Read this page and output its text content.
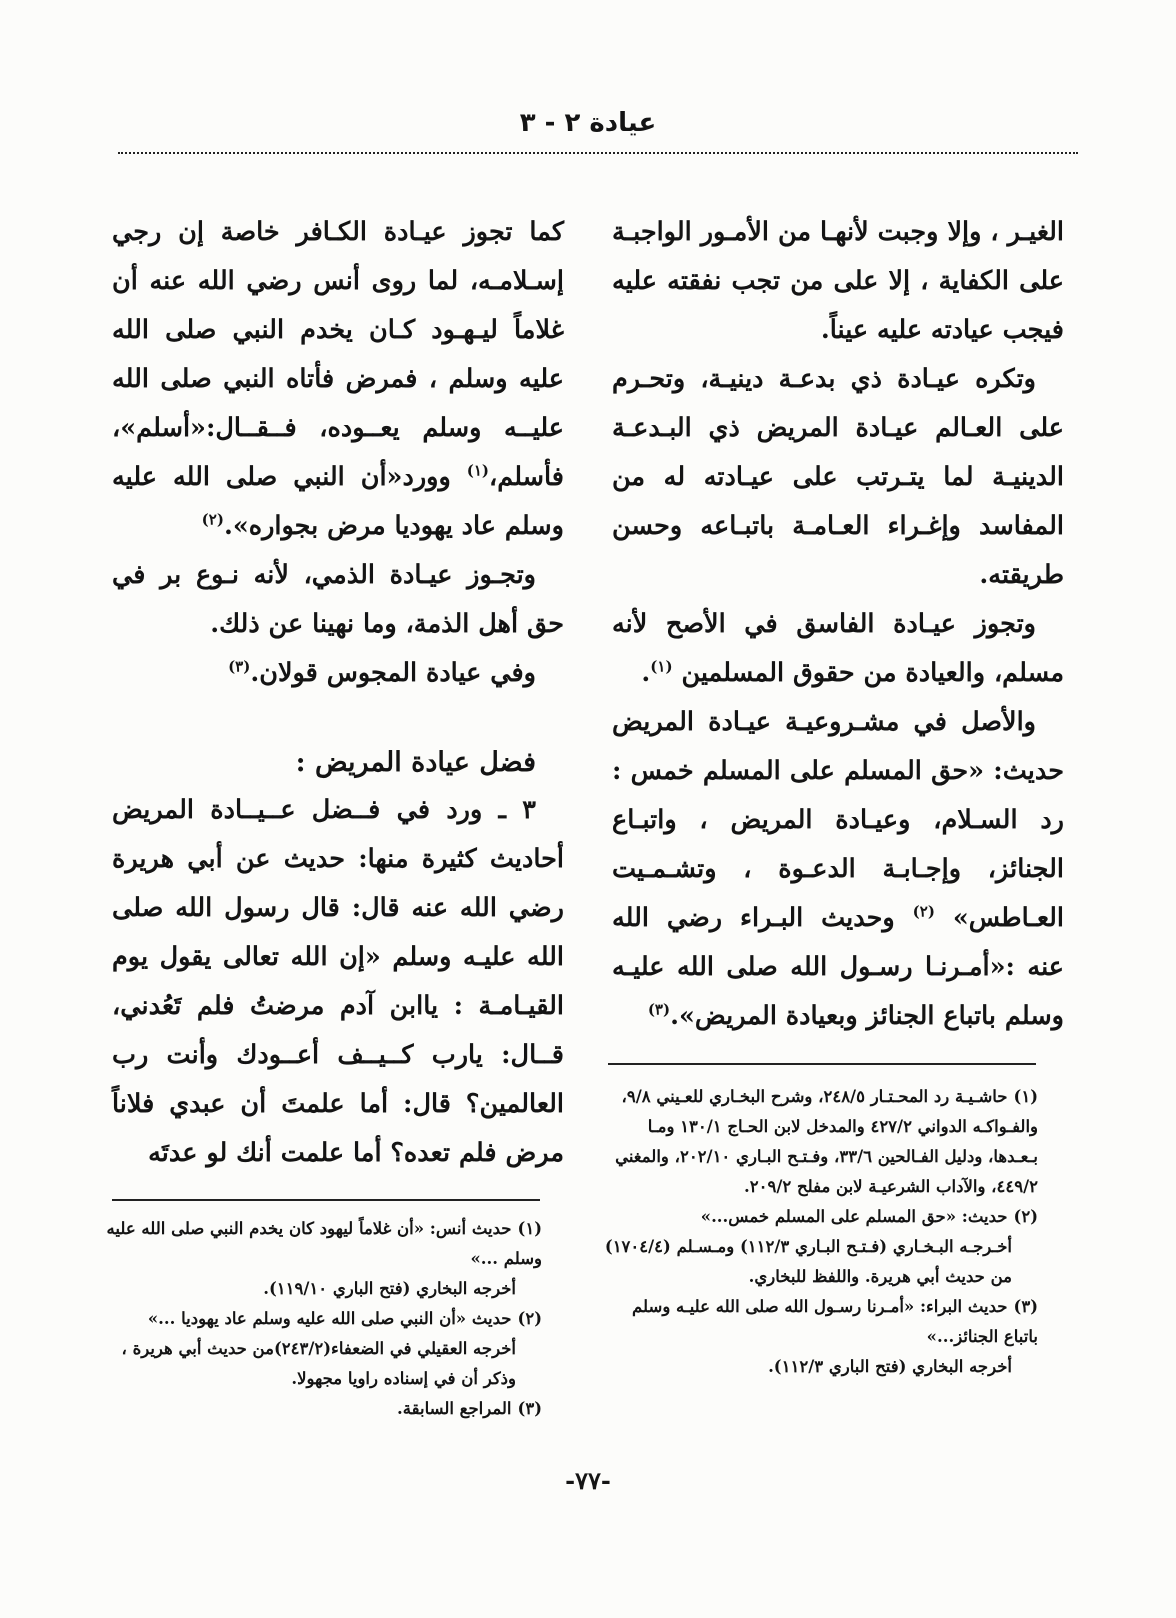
عيادة ٢ - ٣

الغيـر ، وإلا وجبت لأنهـا من الأمـور الواجبـة على الكفاية ، إلا على من تجب نفقته عليه فيجب عيادته عليه عيناً.

وتكره عيـادة ذي بدعـة دينيـة، وتحـرم على العـالم عيـادة المريض ذي البـدعـة الدينيـة لما يتـرتب على عيـادته له من المفاسد وإغـراء العـامـة باتبـاعه وحسن طريقته.

وتجوز عيـادة الفاسق في الأصح لأنه مسلم، والعيادة من حقوق المسلمين $^{(١)}$.

والأصل في مشـروعيـة عيـادة المريض حديث: «حق المسلم على المسلم خمس : رد السـلام، وعيـادة المريض ، واتبـاع الجنائز، وإجـابـة الدعـوة ، وتشـمـيت العـاطس» $^{(٢)}$ وحديث البـراء رضي الله عنه :«أمـرنـا رسـول الله صلى الله عليـه وسلم باتباع الجنائز وبعيادة المريض».$^{(٣)}$

كما تجوز عيـادة الكـافر خاصة إن رجي إسـلامـه، لما روى أنس رضي الله عنه أن غلاماً ليـهـود كـان يخدم النبي صلى الله عليه وسلم ، فمرض فأتاه النبي صلى الله عليــه وسلم يعــوده، فــقــال:«أسلم»، فأسلم،$^{(١)}$ وورد«أن النبي صلى الله عليه وسلم عاد يهوديا مرض بجواره».$^{(٢)}$

وتجـوز عيـادة الذمي، لأنه نـوع بر في حق أهل الذمة، وما نهينا عن ذلك.

وفي عيادة المجوس قولان.$^{(٣)}$

فضل عيادة المريض :

٣ ـ ورد في فــضل عــيــادة المريض أحاديث كثيرة منها: حديث عن أبي هريرة رضي الله عنه قال: قال رسول الله صلى الله عليـه وسلم «إن الله تعالى يقول يوم القيـامـة : ياابن آدم مرضتُ فلم تَعُدني، قــال: يارب كــيــف أعــودك وأنت رب العالمين؟ قال: أما علمتَ أن عبدي فلاناً مرض فلم تعده؟ أما علمت أنك لو عدتَه

(١)حاشـيـة رد المحـتـار ٢٤٨/٥، وشرح البخـاري للعـيني ٩/٨، والفـواكـه الدواني ٤٢٧/٢ والمدخل لابن الحـاج ١٣٠/١ ومـا بـعـدها، ودليل الفـالحين ٣٣/٦، وفـتـح البـاري ٢٠٢/١٠، والمغني ٤٤٩/٢، والآداب الشرعيـة لابن مفلح ٢٠٩/٢.

(٢)حديث: «حق المسلم على المسلم خمس...»

أخـرجـه البـخـاري (فـتـح البـاري ١١٢/٣) ومـسـلم (١٧٠٤/٤) من حديث أبي هريرة. واللفظ للبخاري.

(٣)حديث البراء: «أمـرنا رسـول الله صلى الله عليـه وسلم باتباع الجنائز...»

أخرجه البخاري (فتح الباري ١١٢/٣).

(١)حديث أنس: «أن غلاماً ليهود كان يخدم النبي صلى الله عليه وسلم ...»

أخرجه البخاري (فتح الباري ١١٩/١٠).

(٢)حديث «أن النبي صلى الله عليه وسلم عاد يهوديا ...»

أخرجه العقيلي في الضعفاء(٢٤٣/٢)من حديث أبي هريرة ، وذكر أن في إسناده راويا مجهولا.

(٣)المراجع السابقة.

-٧٧-
